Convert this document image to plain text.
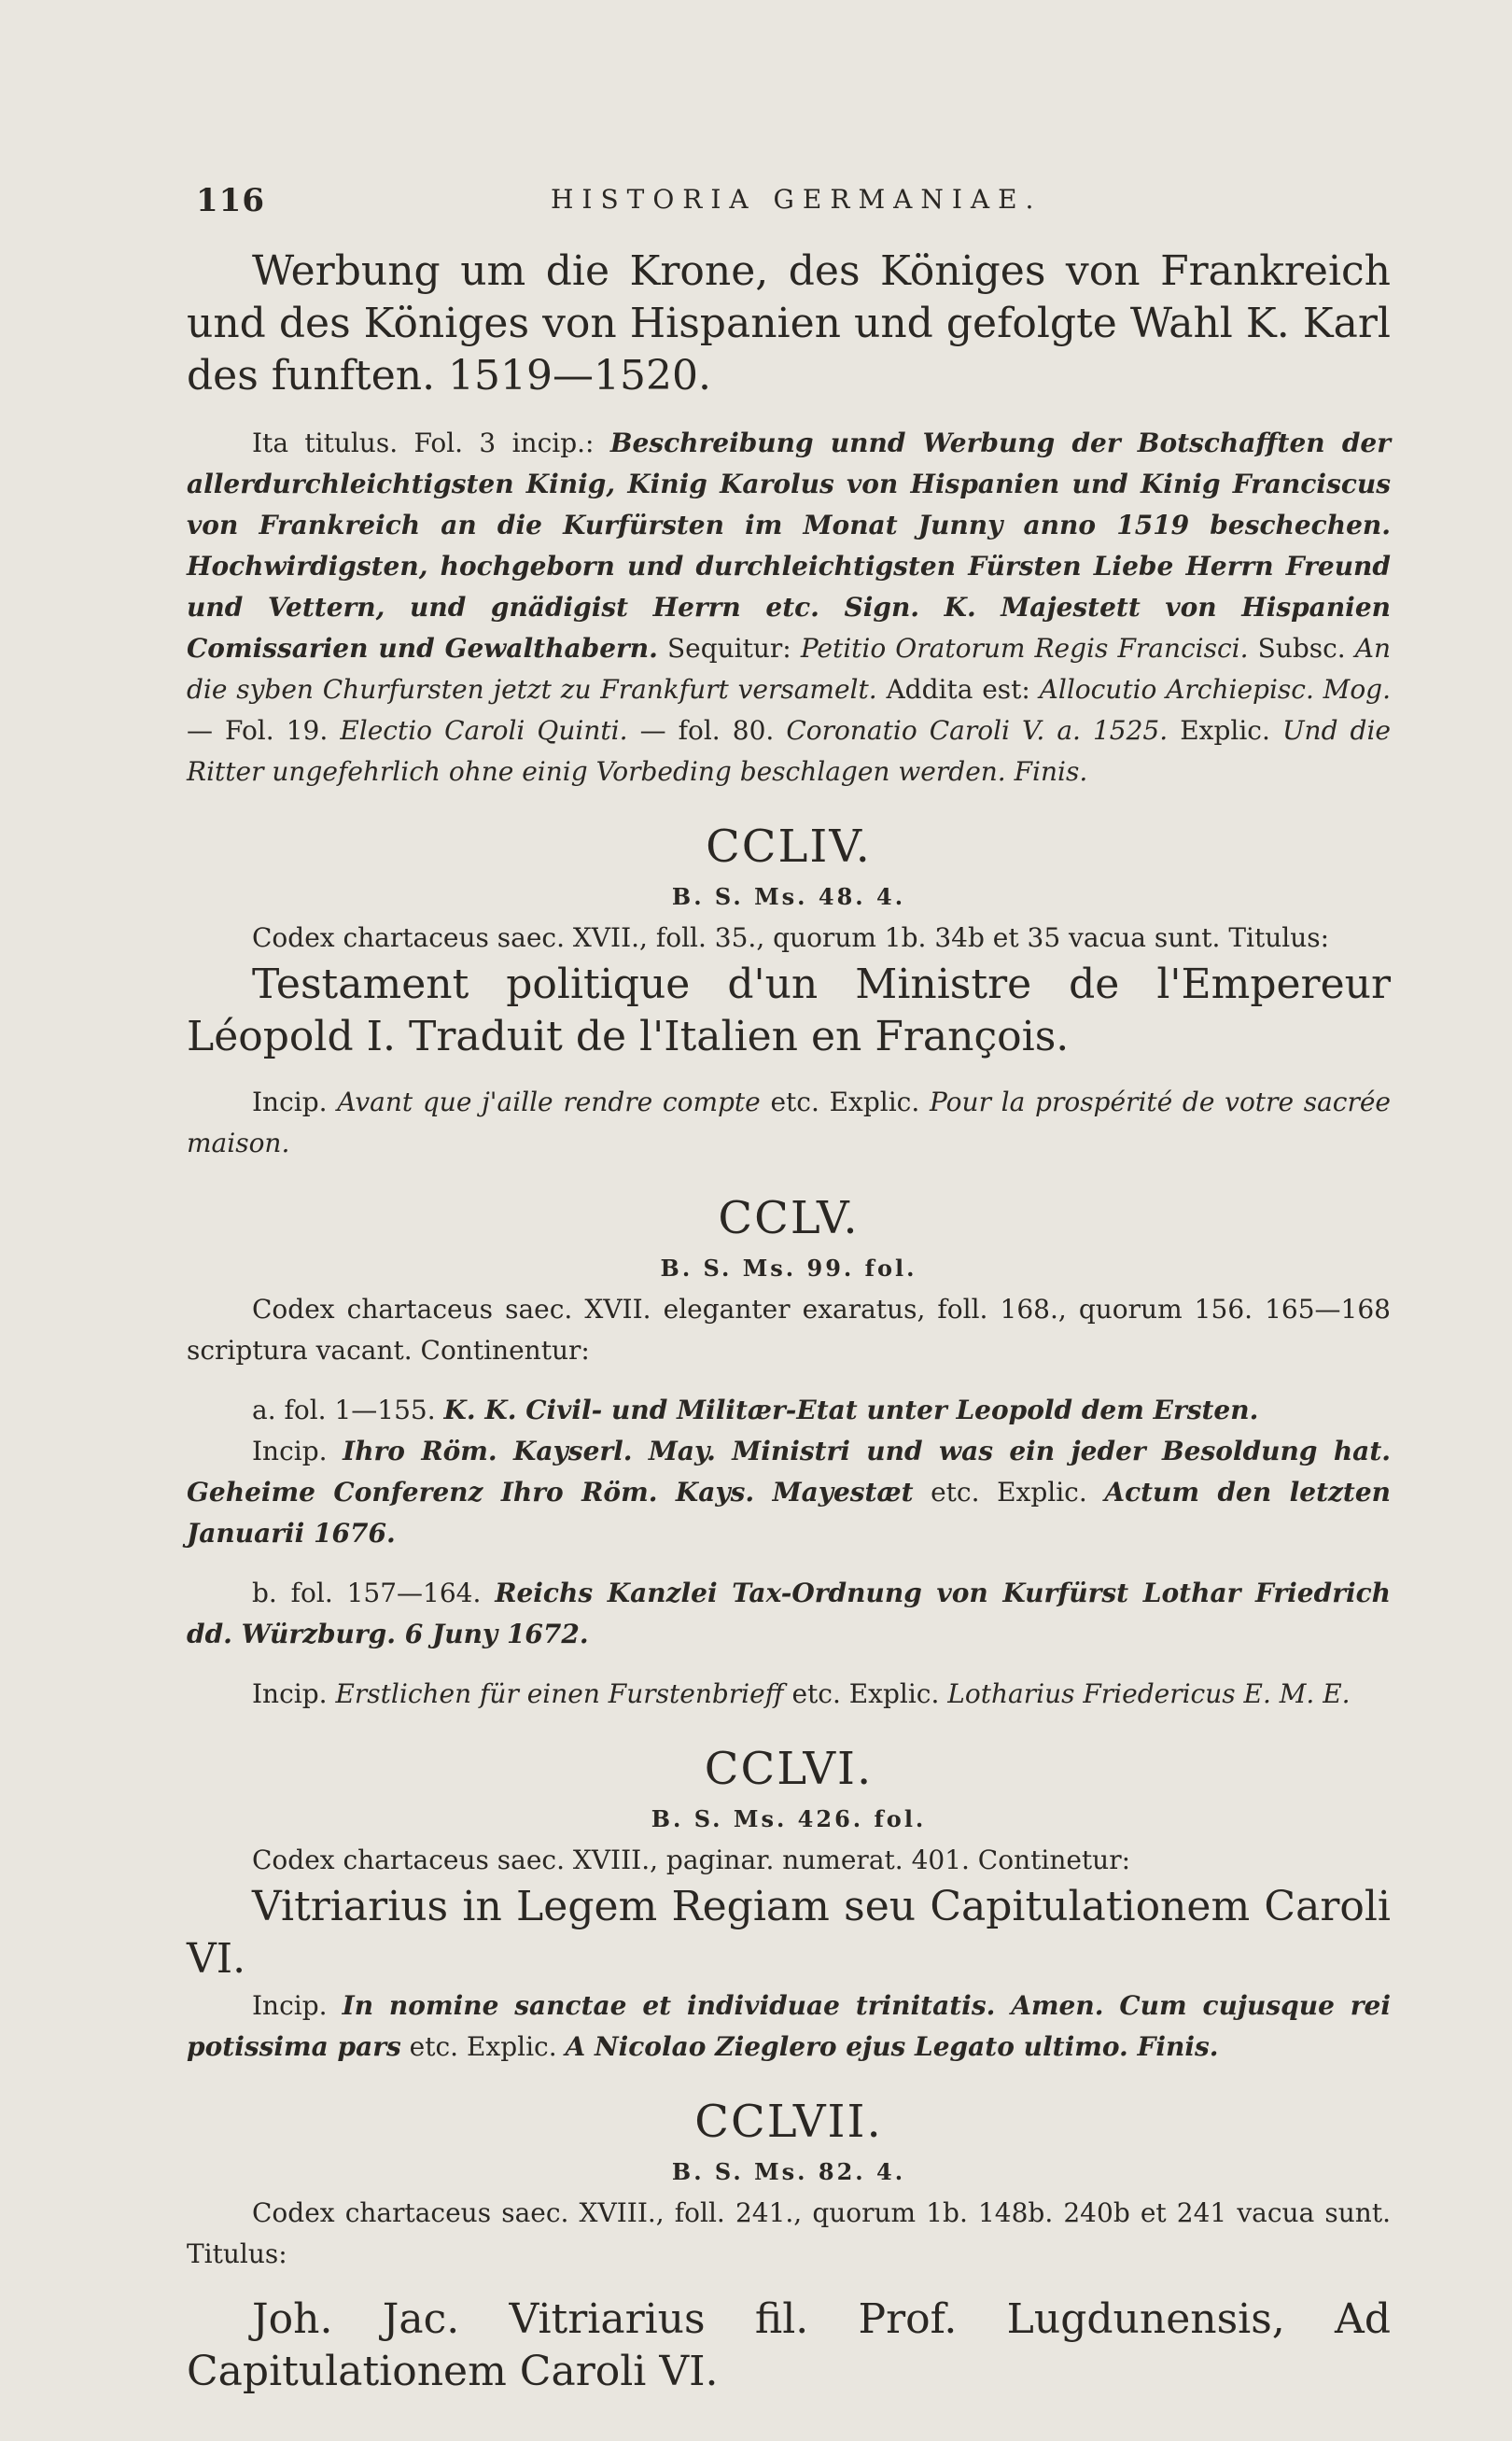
116	HISTORIA GERMANIAE.

Werbung um die Krone, des Königes von Frankreich und des Königes von Hispanien und gefolgte Wahl K. Karl des funften. 1519—1520.

Ita titulus. Fol. 3 incip.: Beschreibung unnd Werbung der Botschafften der allerdurchleichtigsten Kinig, Kinig Karolus von Hispanien und Kinig Franciscus von Frankreich an die Kurfürsten im Monat Junny anno 1519 beschechen. Hochwirdigsten, hochgeborn und durchleichtigsten Fürsten Liebe Herrn Freund und Vettern, und gnädigist Herrn etc. Sign. K. Majestett von Hispanien Comissarien und Gewalthabern. Sequitur: Petitio Oratorum Regis Francisci. Subsc. An die syben Churfursten jetzt zu Frankfurt versamelt. Addita est: Allocutio Archiepisc. Mog. — Fol. 19. Electio Caroli Quinti. — fol. 80. Coronatio Caroli V. a. 1525. Explic. Und die Ritter ungefehrlich ohne einig Vorbeding beschlagen werden. Finis.

CCLIV.
B. S. Ms. 48. 4.

Codex chartaceus saec. XVII., foll. 35., quorum 1b. 34b et 35 vacua sunt. Titulus:

Testament politique d'un Ministre de l'Empereur Léopold I. Traduit de l'Italien en François.

Incip. Avant que j'aille rendre compte etc. Explic. Pour la prospérité de votre sacrée maison.

CCLV.
B. S. Ms. 99. fol.

Codex chartaceus saec. XVII. eleganter exaratus, foll. 168., quorum 156. 165—168 scriptura vacant. Continentur:

a. fol. 1—155. K. K. Civil- und Militær-Etat unter Leopold dem Ersten.

Incip. Ihro Röm. Kayserl. May. Ministri und was ein jeder Besoldung hat. Geheime Conferenz Ihro Röm. Kays. Mayestæt etc. Explic. Actum den letzten Januarii 1676.

b. fol. 157—164. Reichs Kanzlei Tax-Ordnung von Kurfürst Lothar Friedrich dd. Würzburg. 6 Juny 1672.

Incip. Erstlichen für einen Furstenbrieff etc. Explic. Lotharius Friedericus E. M. E.

CCLVI.
B. S. Ms. 426. fol.

Codex chartaceus saec. XVIII., paginar. numerat. 401. Continetur:

Vitriarius in Legem Regiam seu Capitulationem Caroli VI.

Incip. In nomine sanctae et individuae trinitatis. Amen. Cum cujusque rei potissima pars etc. Explic. A Nicolao Zieglero ejus Legato ultimo. Finis.

CCLVII.
B. S. Ms. 82. 4.

Codex chartaceus saec. XVIII., foll. 241., quorum 1b. 148b. 240b et 241 vacua sunt. Titulus:

Joh. Jac. Vitriarius fil. Prof. Lugdunensis, Ad Capitulationem Caroli VI.
